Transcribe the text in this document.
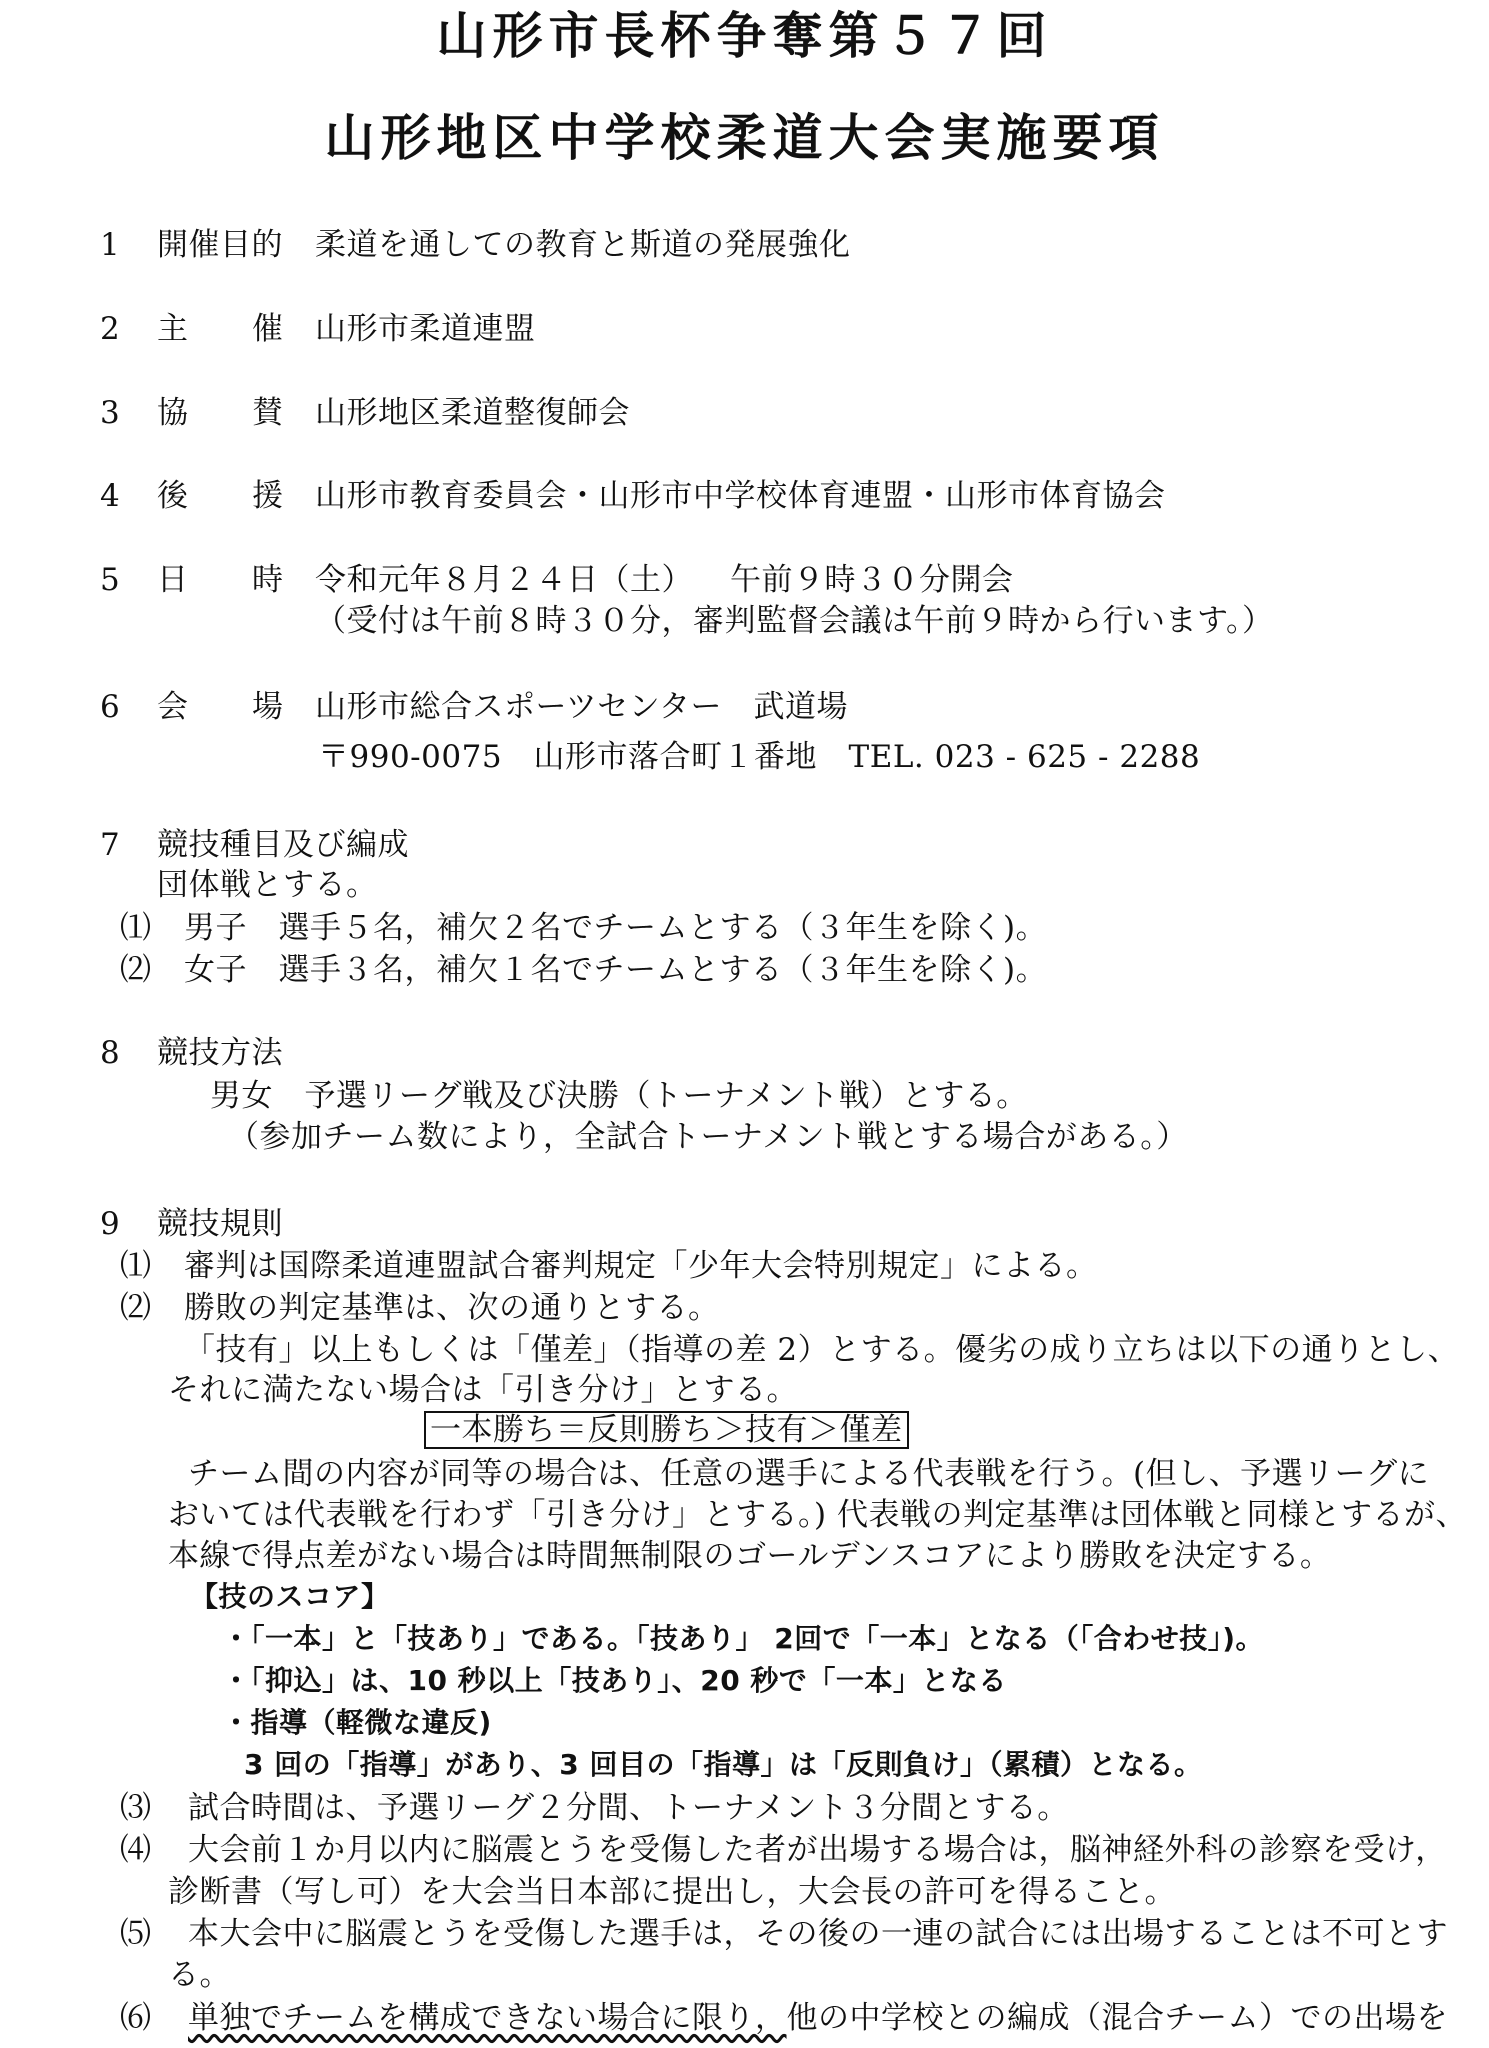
山形市長杯争奪第５７回
山形地区中学校柔道大会実施要項
1 開催目的 柔道を通しての教育と斯道の発展強化
2 主 催 山形市柔道連盟
3 協 賛 山形地区柔道整復師会
4 後 援 山形市教育委員会・山形市中学校体育連盟・山形市体育協会
5 日 時 令和元年８月２４日（土） 午前９時３０分開会
（受付は午前８時３０分，審判監督会議は午前９時から行います。）
6 会 場 山形市総合スポーツセンター　武道場
〒990-0075　山形市落合町１番地　TEL. 023 - 625 - 2288
7 競技種目及び編成
団体戦とする。
⑴ 男子　選手５名，補欠２名でチームとする（３年生を除く)。
⑵ 女子　選手３名，補欠１名でチームとする（３年生を除く)。
8 競技方法
男女　予選リーグ戦及び決勝（トーナメント戦）とする。
（参加チーム数により，全試合トーナメント戦とする場合がある。）
9 競技規則
⑴ 審判は国際柔道連盟試合審判規定「少年大会特別規定」による。
⑵ 勝敗の判定基準は、次の通りとする。
「技有」以上もしくは「僅差」（指導の差 2）とする。優劣の成り立ちは以下の通りとし、
それに満たない場合は「引き分け」とする。
一本勝ち＝反則勝ち＞技有＞僅差
チーム間の内容が同等の場合は、任意の選手による代表戦を行う。(但し、予選リーグに
おいては代表戦を行わず「引き分け」とする。) 代表戦の判定基準は団体戦と同様とするが、
本線で得点差がない場合は時間無制限のゴールデンスコアにより勝敗を決定する。
【技のスコア】
・「一本」と「技あり」である。「技あり」 2回で「一本」となる（「合わせ技」)。
・「抑込」は、10 秒以上「技あり」、20 秒で「一本」となる
・指導（軽微な違反)
3 回の「指導」があり、3 回目の「指導」は「反則負け」（累積）となる。
⑶ 試合時間は、予選リーグ２分間、トーナメント３分間とする。
⑷ 大会前１か月以内に脳震とうを受傷した者が出場する場合は，脳神経外科の診察を受け，
診断書（写し可）を大会当日本部に提出し，大会長の許可を得ること。
⑸ 本大会中に脳震とうを受傷した選手は，その後の一連の試合には出場することは不可とす
る。
⑹ 単独でチームを構成できない場合に限り，他の中学校との編成（混合チーム）での出場を
